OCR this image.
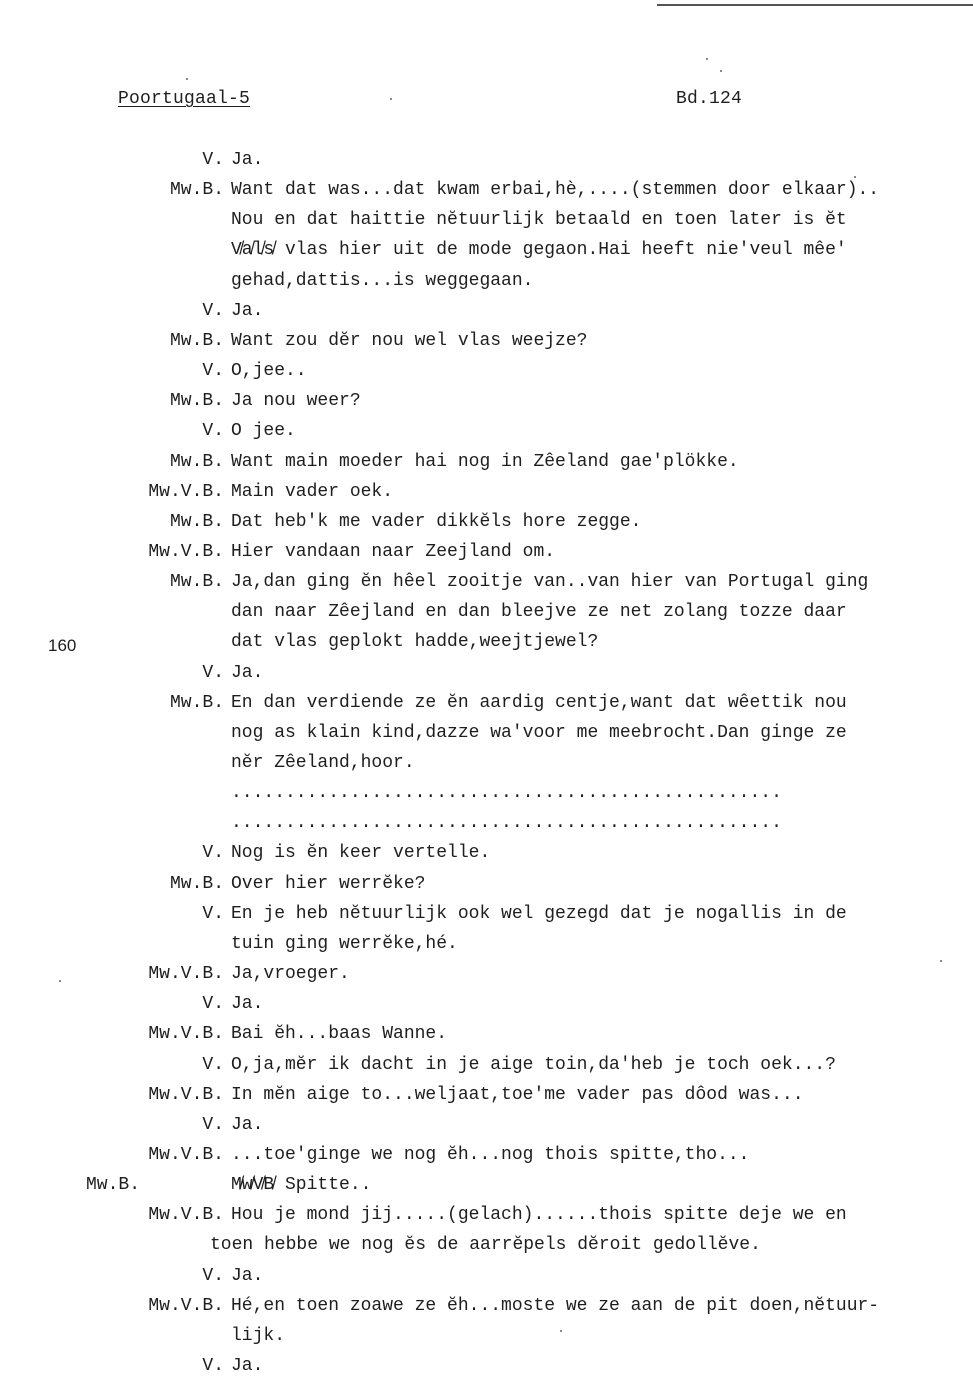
Poortugaal-5	Bd.124
160
V. Ja.
Mw.B. Want dat was...dat kwam erbai,hè,....(stemmen door elkaar)..
Nou en dat haittie nĕtuurlijk betaald en toen later is ĕt
V̸a̸l̸s̸ vlas hier uit de mode gegaon.Hai heeft nie'veul mêe'
gehad,dattis...is weggegaan.
V. Ja.
Mw.B. Want zou dĕr nou wel vlas weejze?
V. O,jee..
Mw.B. Ja nou weer?
V. O jee.
Mw.B. Want main moeder hai nog in Zêeland gae'plökke.
Mw.V.B. Main vader oek.
Mw.B. Dat heb'k me vader dikkĕls hore zegge.
Mw.V.B. Hier vandaan naar Zeejland om.
Mw.B. Ja,dan ging ĕn hêel zooitje van..van hier van Portugal ging
dan naar Zêejland en dan bleejve ze net zolang tozze daar
dat vlas geplokt hadde,weejtjewel?
V. Ja.
Mw.B. En dan verdiende ze ĕn aardig centje,want dat wêettik nou
nog as klain kind,dazze wa'voor me meebrocht.Dan ginge ze
nĕr Zêeland,hoor.
...................................................
...................................................
V. Nog is ĕn keer vertelle.
Mw.B. Over hier werrĕke?
V. En je heb nĕtuurlijk ook wel gezegd dat je nogallis in de
tuin ging werrĕke,hé.
Mw.V.B. Ja,vroeger.
V. Ja.
Mw.V.B. Bai ĕh...baas Wanne.
V. O,ja,mĕr ik dacht in je aige toin,da'heb je toch oek...?
Mw.V.B. In mĕn aige to...weljaat,toe'me vader pas dôod was...
V. Ja.
Mw.V.B. ...toe'ginge we nog ĕh...nog thois spitte,tho...
Mw.B.	M̸w̸V̸B̸ Spitte..
Mw.V.B. Hou je mond jij.....(gelach)......thois spitte deje we en
toen hebbe we nog ĕs de aarrĕpels dĕroit gedollĕve.
V. Ja.
Mw.V.B. Hé,en toen zoawe ze ĕh...moste we ze aan de pit doen,nĕtuur-
lijk.
V. Ja.
